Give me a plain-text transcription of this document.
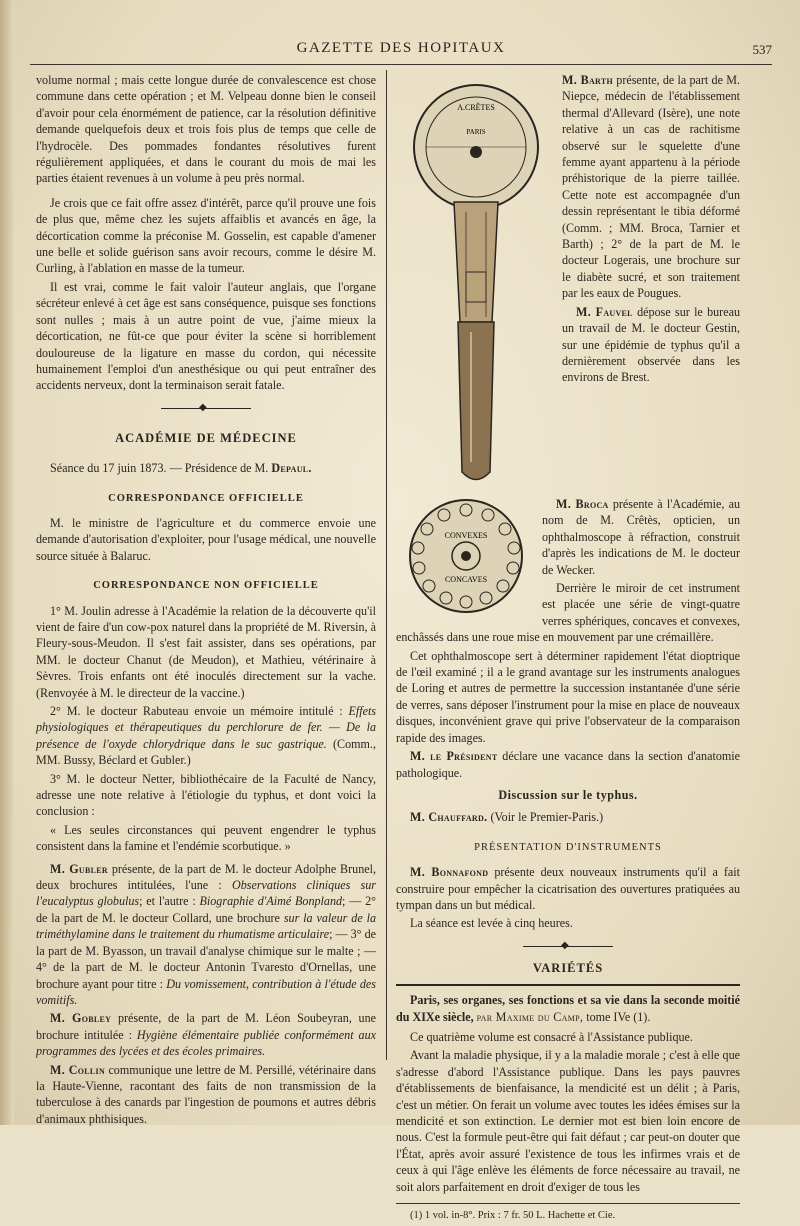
GAZETTE DES HOPITAUX	537

volume normal ; mais cette longue durée de convalescence est chose commune dans cette opération ; et M. Velpeau donne bien le conseil d'avoir pour cela énormément de patience, car la résolution définitive demande quelquefois deux et trois fois plus de temps que celle de l'hydrocèle. Des pommades fondantes résolutives furent régulièrement appliquées, et dans le courant du mois de mai les parties étaient revenues à un volume à peu près normal.

Je crois que ce fait offre assez d'intérêt, parce qu'il prouve une fois de plus que, même chez les sujets affaiblis et avancés en âge, la décortication comme la préconise M. Gosselin, est capable d'amener une belle et solide guérison sans avoir recours, comme le désire M. Curling, à l'ablation en masse de la tumeur.

Il est vrai, comme le fait valoir l'auteur anglais, que l'organe sécréteur enlevé à cet âge est sans conséquence, puisque ses fonctions sont nulles ; mais à un autre point de vue, j'aime mieux la décortication, ne fût-ce que pour éviter la scène si horriblement douloureuse de la ligature en masse du cordon, qui nécessite humainement l'emploi d'un anesthésique ou qui peut entraîner des accidents nerveux, dont la terminaison serait fatale.

◆
ACADÉMIE DE MÉDECINE

Séance du 17 juin 1873. — Présidence de M. Depaul.

CORRESPONDANCE OFFICIELLE

M. le ministre de l'agriculture et du commerce envoie une demande d'autorisation d'exploiter, pour l'usage médical, une nouvelle source située à Balaruc.

CORRESPONDANCE NON OFFICIELLE

1° M. Joulin adresse à l'Académie la relation de la découverte qu'il vient de faire d'un cow-pox naturel dans la propriété de M. Riversin, à Fleury-sous-Meudon. Il s'est fait assister, dans ses opérations, par MM. le docteur Chanut (de Meudon), et Mathieu, vétérinaire à Sèvres. Trois enfants ont été inoculés directement sur la vache. (Renvoyée à M. le directeur de la vaccine.)

2° M. le docteur Rabuteau envoie un mémoire intitulé : Effets physiologiques et thérapeutiques du perchlorure de fer. — De la présence de l'oxyde chlorydrique dans le suc gastrique. (Comm., MM. Bussy, Béclard et Gubler.)

3° M. le docteur Netter, bibliothécaire de la Faculté de Nancy, adresse une note relative à l'étiologie du typhus, et dont voici la conclusion :

« Les seules circonstances qui peuvent engendrer le typhus consistent dans la famine et l'endémie scorbutique. »

M. Gubler présente, de la part de M. le docteur Adolphe Brunel, deux brochures intitulées, l'une : Observations cliniques sur l'eucalyptus globulus; et l'autre : Biographie d'Aimé Bonpland; — 2° de la part de M. le docteur Collard, une brochure sur la valeur de la triméthylamine dans le traitement du rhumatisme articulaire; — 3° de la part de M. Byasson, un travail d'analyse chimique sur le malte ; — 4° de la part de M. le docteur Antonin Tvaresto d'Ornellas, une brochure ayant pour titre : Du vomissement, contribution à l'étude des vomitifs.

M. Gobley présente, de la part de M. Léon Soubeyran, une brochure intitulée : Hygiène élémentaire publiée conformément aux programmes des lycées et des écoles primaires.

M. Collin communique une lettre de M. Persillé, vétérinaire dans la Haute-Vienne, racontant des faits de non transmission de la tuberculose à des canards par l'ingestion de poumons et autres débris d'animaux phthisiques.

A.CRÊTES
PARIS

M. Barth présente, de la part de M. Niepce, médecin de l'établissement thermal d'Allevard (Isère), une note relative à un cas de rachitisme observé sur le squelette d'une femme ayant appartenu à la période préhistorique de la pierre taillée. Cette note est accompagnée d'un dessin représentant le tibia déformé (Comm. ; MM. Broca, Tarnier et Barth) ; 2° de la part de M. le docteur Logerais, une brochure sur le diabète sucré, et son traitement par les eaux de Pougues.

M. Fauvel dépose sur le bureau un travail de M. le docteur Gestin, sur une épidémie de typhus qu'il a dernièrement observée dans les environs de Brest.

CONVEXES
CONCAVES

M. Broca présente à l'Académie, au nom de M. Crêtès, opticien, un ophthalmoscope à réfraction, construit d'après les indications de M. le docteur de Wecker.

Derrière le miroir de cet instrument est placée une série de vingt-quatre verres sphériques, concaves et convexes, enchâssés dans une roue mise en mouvement par une crémaillère.

Cet ophthalmoscope sert à déterminer rapidement l'état dioptrique de l'œil examiné ; il a le grand avantage sur les instruments analogues de Loring et autres de permettre la succession instantanée d'une série de verres, sans déposer l'instrument pour la mise en place de nouveaux disques, inconvénient grave qui prive l'observateur de la comparaison rapide des images.

M. le Président déclare une vacance dans la section d'anatomie pathologique.

Discussion sur le typhus.

M. Chauffard. (Voir le Premier-Paris.)

PRÉSENTATION D'INSTRUMENTS

M. Bonnafond présente deux nouveaux instruments qu'il a fait construire pour empêcher la cicatrisation des ouvertures pratiquées au tympan dans un but médical.

La séance est levée à cinq heures.

◆
VARIÉTÉS

Paris, ses organes, ses fonctions et sa vie dans la seconde moitié du XIXe siècle, par Maxime du Camp, tome IVe (1).

Ce quatrième volume est consacré à l'Assistance publique.

Avant la maladie physique, il y a la maladie morale ; c'est à elle que s'adresse d'abord l'Assistance publique. Dans les pays pauvres d'établissements de bienfaisance, la mendicité est un délit ; à Paris, c'est un métier. On ferait un volume avec toutes les idées émises sur la mendicité et son extinction. Le dernier mot est bien loin encore de nous. C'est la formule peut-être qui fait défaut ; car peut-on douter que l'État, après avoir assuré l'existence de tous les infirmes vrais et de ceux à qui l'âge enlève les éléments de force nécessaire au travail, ne soit alors parfaitement en droit d'exiger de tous les

(1) 1 vol. in-8°. Prix : 7 fr. 50 L. Hachette et Cie.
